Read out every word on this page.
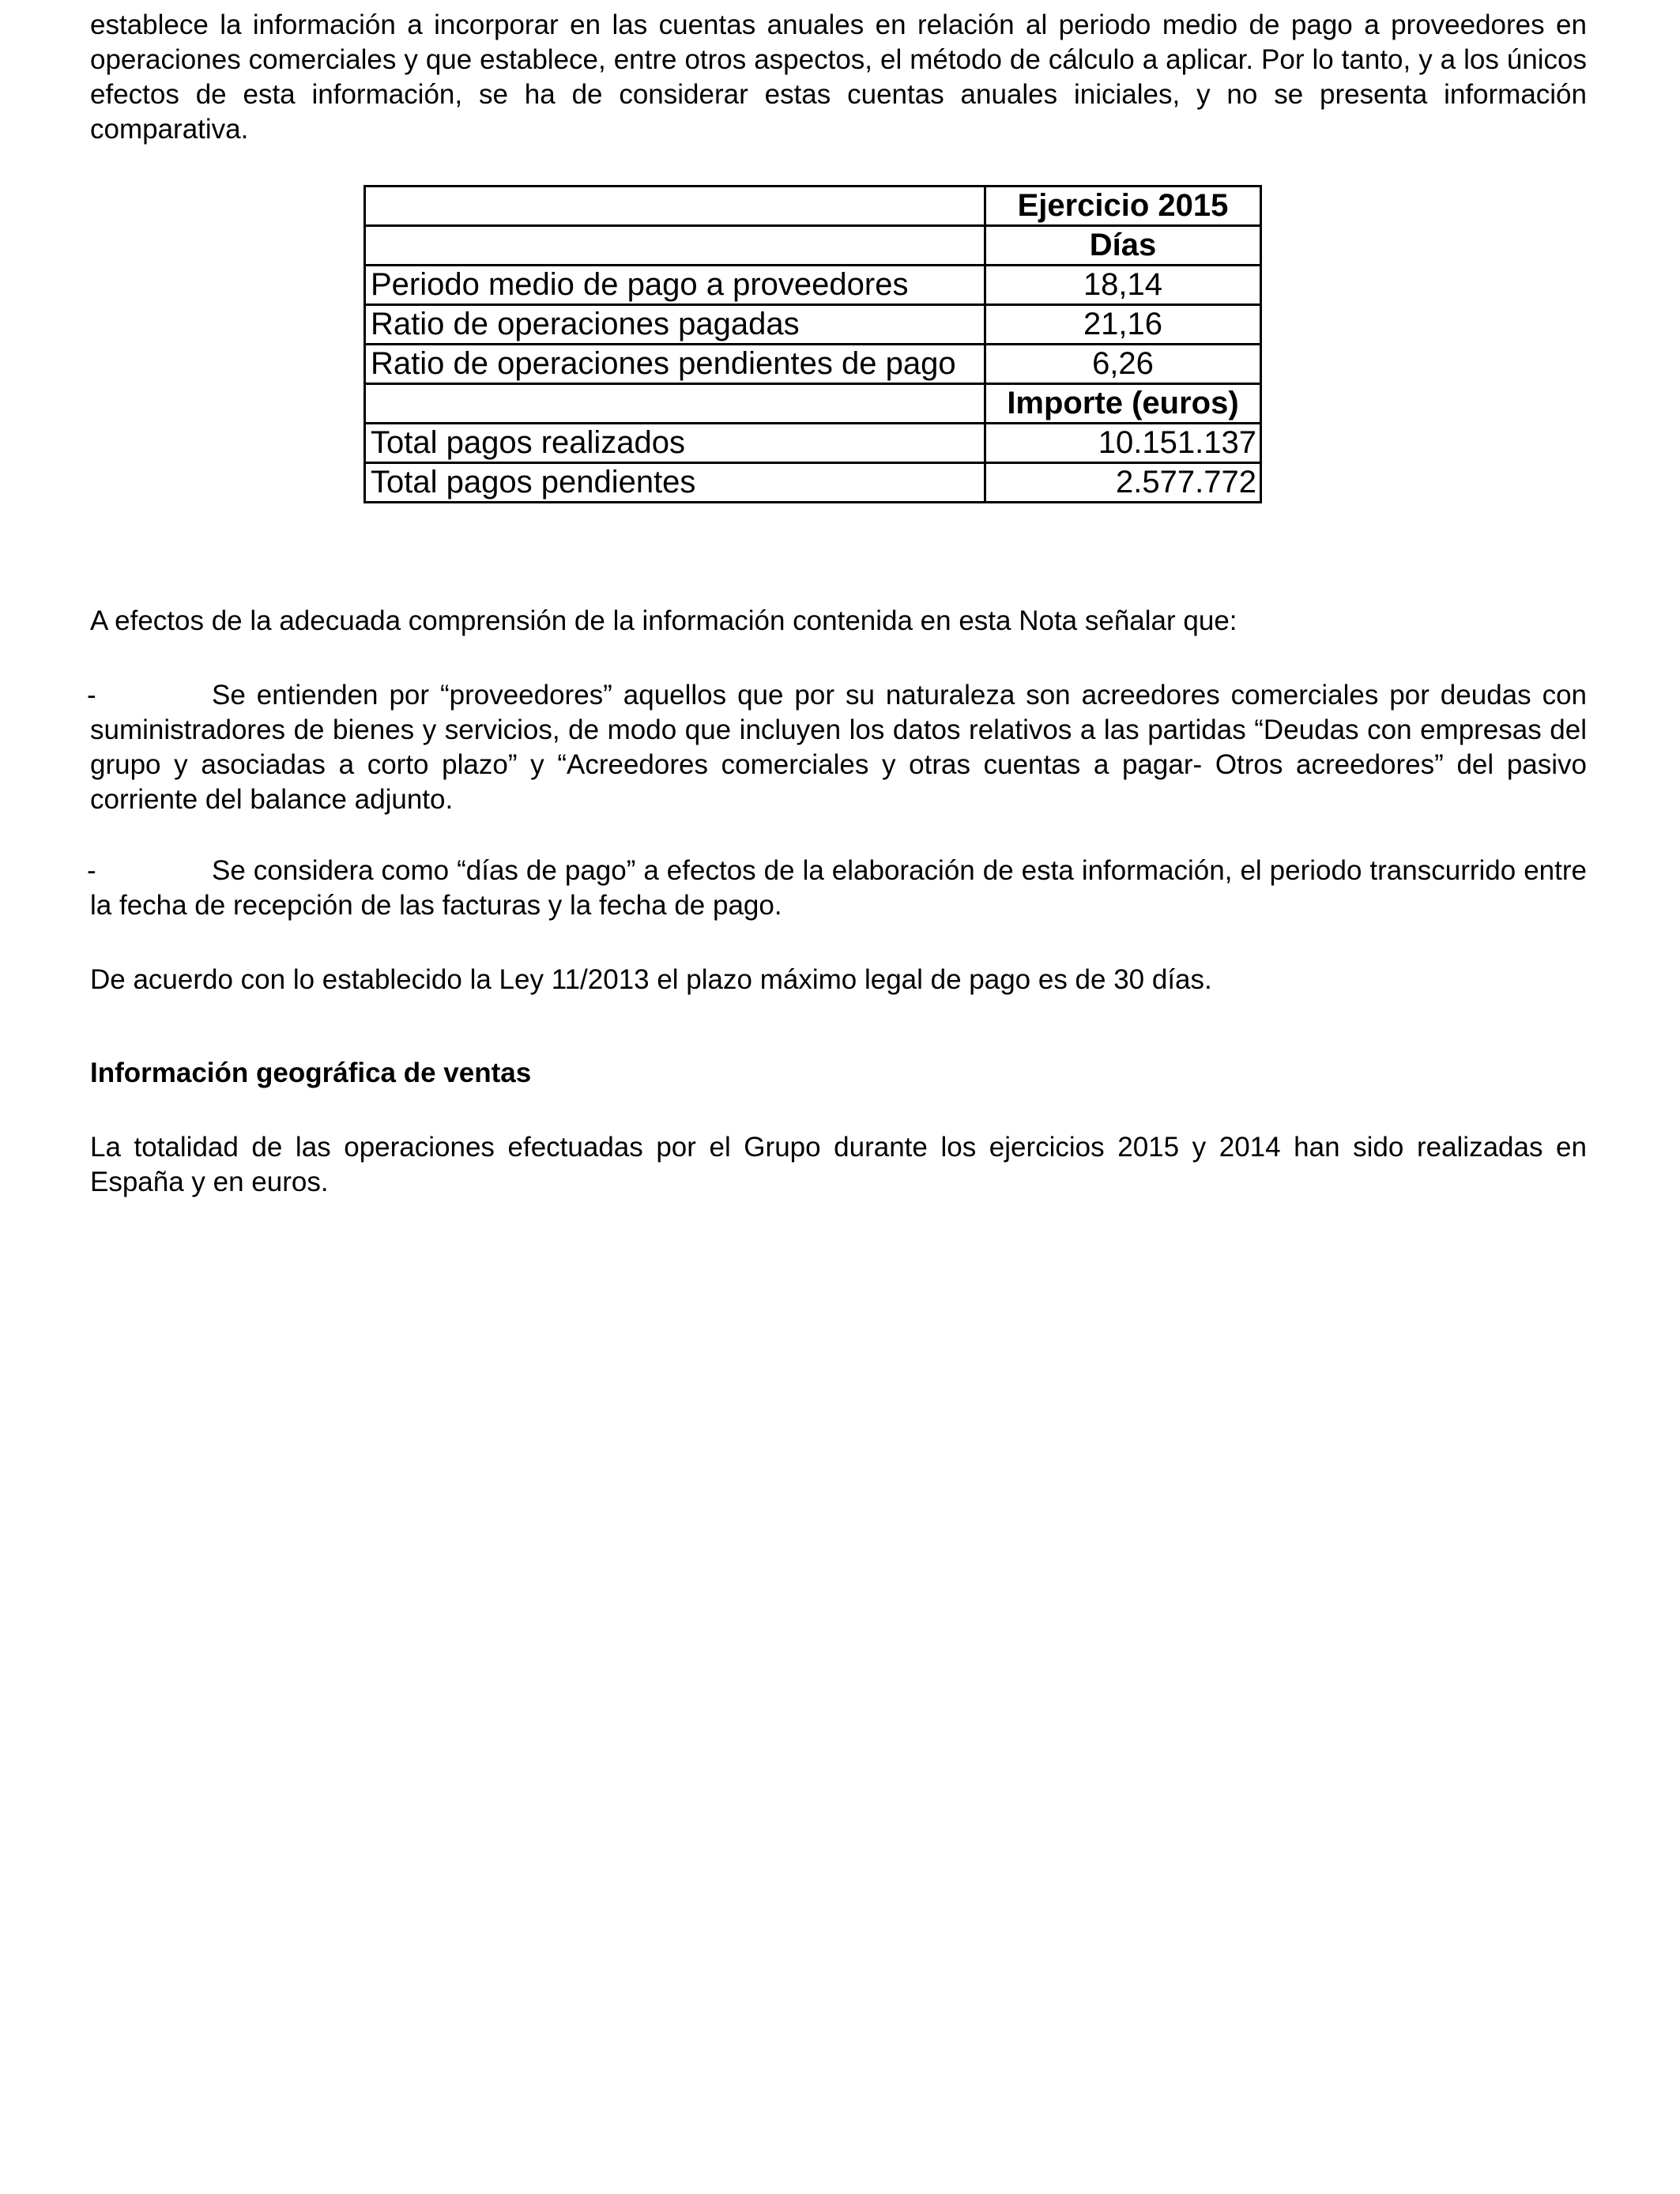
establece la información a incorporar en las cuentas anuales en relación al periodo medio de pago a proveedores en operaciones comerciales y que establece, entre otros aspectos, el método de cálculo a aplicar. Por lo tanto, y a los únicos efectos de esta información, se ha de considerar estas cuentas anuales iniciales, y no se presenta información comparativa.

	Ejercicio 2015
	Días
Periodo medio de pago a proveedores	18,14
Ratio de operaciones pagadas	21,16
Ratio de operaciones pendientes de pago	6,26
	Importe (euros)
Total pagos realizados	10.151.137
Total pagos pendientes	2.577.772

A efectos de la adecuada comprensión de la información contenida en esta Nota señalar que:

-	Se entienden por “proveedores” aquellos que por su naturaleza son acreedores comerciales por deudas con suministradores de bienes y servicios, de modo que incluyen los datos relativos a las partidas “Deudas con empresas del grupo y asociadas a corto plazo” y “Acreedores comerciales y otras cuentas a pagar- Otros acreedores” del pasivo corriente del balance adjunto.

-	Se considera como “días de pago” a efectos de la elaboración de esta información, el periodo transcurrido entre la fecha de recepción de las facturas y la fecha de pago.

De acuerdo con lo establecido la Ley 11/2013 el plazo máximo legal de pago es de 30 días.

Información geográfica de ventas

La totalidad de las operaciones efectuadas por el Grupo durante los ejercicios 2015 y 2014 han sido realizadas en España y en euros.
